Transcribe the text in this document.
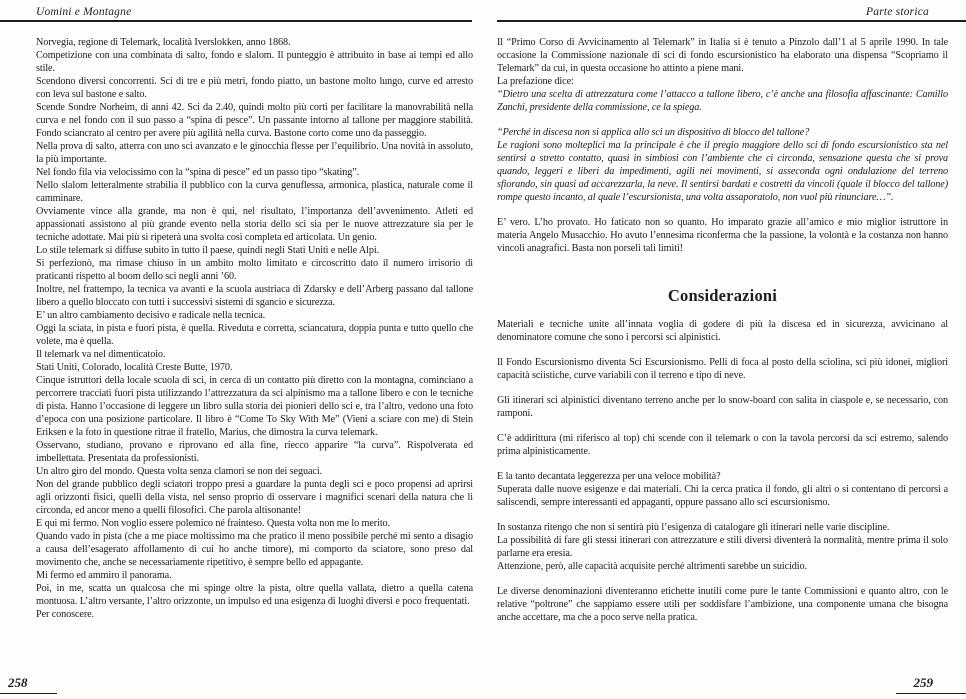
Uomini e Montagne

Norvegia, regione di Telemark, località Iverslokken, anno 1868.

Competizione con una combinata di salto, fondo e slalom. Il punteggio è attribuito in base ai tempi ed allo stile.

Scendono diversi concorrenti. Sci di tre e più metri, fondo piatto, un bastone molto lungo, curve ed arresto con leva sul bastone e salto.

Scende Sondre Norheim, di anni 42. Sci da 2.40, quindi molto più corti per facilitare la manovrabilità nella curva e nel fondo con il suo passo a “spina di pesce”. Un passante intorno al tallone per maggiore stabilità. Fondo sciancrato al centro per avere più agilità nella curva. Bastone corto come uno da passeggio.

Nella prova di salto, atterra con uno sci avanzato e le ginocchia flesse per l’equilibrio. Una novità in assoluto, la più importante.

Nel fondo fila via velocissimo con la “spina di pesce” ed un passo tipo “skating”.

Nello slalom letteralmente strabilia il pubblico con la curva genuflessa, armonica, plastica, naturale come il camminare.

Ovviamente vince alla grande, ma non è qui, nel risultato, l’importanza dell’avvenimento. Atleti ed appassionati assistono al più grande evento nella storia dello sci sia per le nuove attrezzature sia per le tecniche adottate. Mai più si ripeterà una svolta così completa ed articolata. Un genio.

Lo stile telemark si diffuse subito in tutto il paese, quindi negli Stati Uniti e nelle Alpi.

Si perfezionò, ma rimase chiuso in un ambito molto limitato e circoscritto dato il numero irrisorio di praticanti rispetto al boom dello sci negli anni ’60.

Inoltre, nel frattempo, la tecnica va avanti e la scuola austriaca di Zdarsky e dell’Arberg passano dal tallone libero a quello bloccato con tutti i successivi sistemi di sgancio e sicurezza.

E’ un altro cambiamento decisivo e radicale nella tecnica.

Oggi la sciata, in pista e fuori pista, è quella. Riveduta e corretta, sciancatura, doppia punta e tutto quello che volete, ma è quella.

Il telemark va nel dimenticatoio.

Stati Uniti, Colorado, località Creste Butte, 1970.

Cinque istruttori della locale scuola di sci, in cerca di un contatto più diretto con la montagna, cominciano a percorrere tracciati fuori pista utilizzando l’attrezzatura da sci alpinismo ma a tallone libero e con le tecniche di pista. Hanno l’occasione di leggere un libro sulla storia dei pionieri dello sci e, tra l’altro, vedono una foto d’epoca con una posizione particolare. Il libro è “Come To Sky With Me” (Vieni a sciare con me) di Stein Eriksen e la foto in questione ritrae il fratello, Marius, che dimostra la curva telemark.

Osservano, studiano, provano e riprovano ed alla fine, riecco apparire “la curva”. Rispolverata ed imbellettata. Presentata da professionisti.

Un altro giro del mondo. Questa volta senza clamori se non dei seguaci.

Non del grande pubblico degli sciatori troppo presi a guardare la punta degli sci e poco propensi ad aprirsi agli orizzonti fisici, quelli della vista, nel senso proprio di osservare i magnifici scenari della natura che li circonda, ed ancor meno a quelli filosofici. Che parola altisonante!

E qui mi fermo. Non voglio essere polemico né frainteso. Questa volta non me lo merito.

Quando vado in pista (che a me piace moltissimo ma che pratico il meno possibile perché mi sento a disagio a causa dell’esagerato affollamento di cui ho anche timore), mi comporto da sciatore, sono preso dal movimento che, anche se necessariamente ripetitivo, è sempre bello ed appagante.

Mi fermo ed ammiro il panorama.

Poi, in me, scatta un qualcosa che mi spinge oltre la pista, oltre quella vallata, dietro a quella catena montuosa. L’altro versante, l’altro orizzonte, un impulso ed una esigenza di luoghi diversi e poco frequentati.

Per conoscere.

258
Parte storica

Il “Primo Corso di Avvicinamento al Telemark” in Italia si è tenuto a Pinzolo dall’1 al 5 aprile 1990. In tale occasione la Commissione nazionale di sci di fondo escursionistico ha elaborato una dispensa “Scopriamo il Telemark” da cui, in questa occasione ho attinto a piene mani.

La prefazione dice:

“Dietro una scelta di attrezzatura come l’attacco a tallone libero, c’è anche una filosofia affascinante: Camillo Zanchi, presidente della commissione, ce la spiega.

“Perché in discesa non si applica allo sci un dispositivo di blocco del tallone?

Le ragioni sono molteplici ma la principale è che il pregio maggiore dello sci di fondo escursionistico sta nel sentirsi a stretto contatto, quasi in simbiosi con l’ambiente che ci circonda, sensazione questa che si prova quando, leggeri e liberi da impedimenti, agili nei movimenti, si asseconda ogni ondulazione del terreno sfiorando, sin quasi ad accarezzarla, la neve. Il sentirsi bardati e costretti da vincoli (quale il blocco del tallone) rompe questo incanto, al quale l’escursionista, una volta assaporatolo, non vuol più rinunciare…”.

E’ vero. L’ho provato. Ho faticato non so quanto. Ho imparato grazie all’amico e mio miglior istruttore in materia Angelo Musacchio. Ho avuto l’ennesima riconferma che la passione, la volontà e la costanza non hanno vincoli anagrafici. Basta non porseli tali limiti!

Considerazioni

Materiali e tecniche unite all’innata voglia di godere di più la discesa ed in sicurezza, avvicinano al denominatore comune che sono i percorsi sci alpinistici.

Il Fondo Escursionismo diventa Sci Escursionismo. Pelli di foca al posto della sciolina, sci più idonei, migliori capacità sciistiche, curve variabili con il terreno e tipo di neve.

Gli itinerari sci alpinistici diventano terreno anche per lo snow-board con salita in ciaspole e, se necessario, con ramponi.

C’è addirittura (mi riferisco al top) chi scende con il telemark o con la tavola percorsi da sci estremo, salendo prima alpinisticamente.

E la tanto decantata leggerezza per una veloce mobilità?

Superata dalle nuove esigenze e dai materiali. Chi la cerca pratica il fondo, gli altri o si contentano di percorsi a saliscendi, sempre interessanti ed appaganti, oppure passano allo sci escursionismo.

In sostanza ritengo che non si sentirà più l’esigenza di catalogare gli itinerari nelle varie discipline.

La possibilità di fare gli stessi itinerari con attrezzature e stili diversi diventerà la normalità, mentre prima il solo parlarne era eresia.

Attenzione, però, alle capacità acquisite perché altrimenti sarebbe un suicidio.

Le diverse denominazioni diventeranno etichette inutili come pure le tante Commissioni e quanto altro, con le relative “poltrone” che sappiamo essere utili per soddisfare l’ambizione, una componente umana che bisogna anche accettare, ma che a poco serve nella pratica.

259
